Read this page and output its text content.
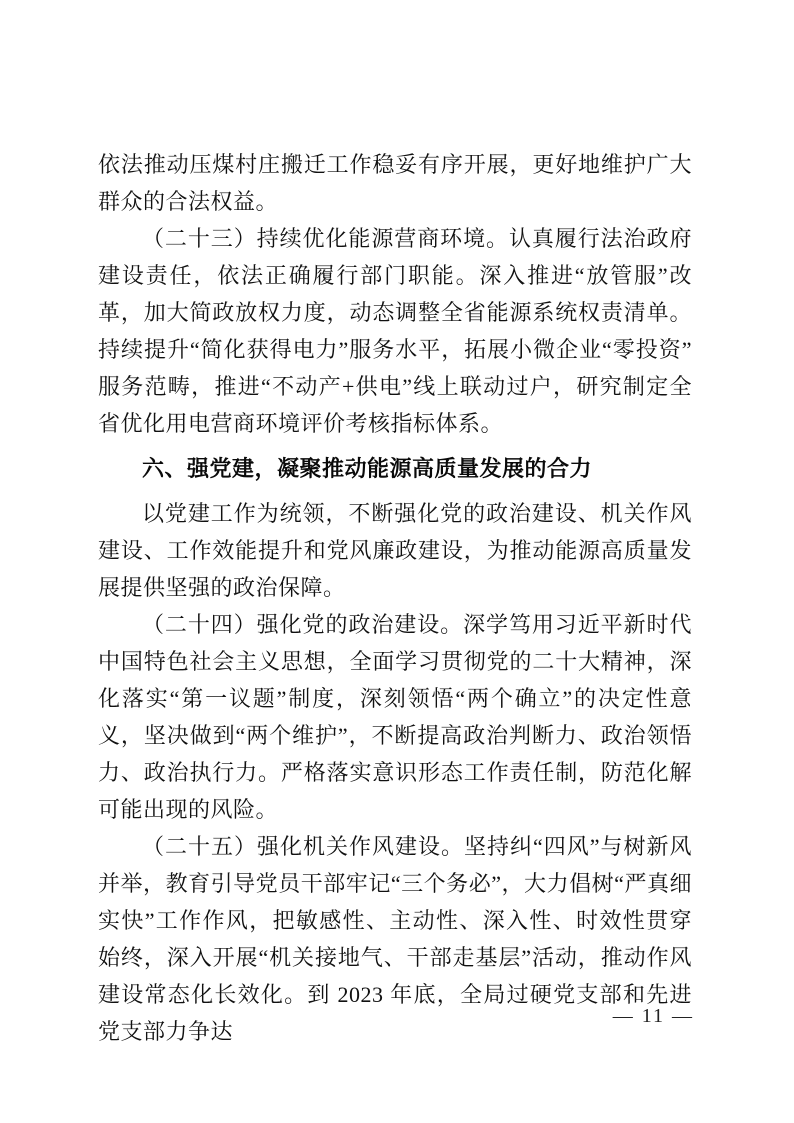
依法推动压煤村庄搬迁工作稳妥有序开展，更好地维护广大群众的合法权益。

（二十三）持续优化能源营商环境。认真履行法治政府建设责任，依法正确履行部门职能。深入推进“放管服”改革，加大简政放权力度，动态调整全省能源系统权责清单。持续提升“简化获得电力”服务水平，拓展小微企业“零投资”服务范畴，推进“不动产+供电”线上联动过户，研究制定全省优化用电营商环境评价考核指标体系。

六、强党建，凝聚推动能源高质量发展的合力

以党建工作为统领，不断强化党的政治建设、机关作风建设、工作效能提升和党风廉政建设，为推动能源高质量发展提供坚强的政治保障。

（二十四）强化党的政治建设。深学笃用习近平新时代中国特色社会主义思想，全面学习贯彻党的二十大精神，深化落实“第一议题”制度，深刻领悟“两个确立”的决定性意义，坚决做到“两个维护”，不断提高政治判断力、政治领悟力、政治执行力。严格落实意识形态工作责任制，防范化解可能出现的风险。

（二十五）强化机关作风建设。坚持纠“四风”与树新风并举，教育引导党员干部牢记“三个务必”，大力倡树“严真细实快”工作作风，把敏感性、主动性、深入性、时效性贯穿始终，深入开展“机关接地气、干部走基层”活动，推动作风建设常态化长效化。到 2023 年底，全局过硬党支部和先进党支部力争达

— 11 —
